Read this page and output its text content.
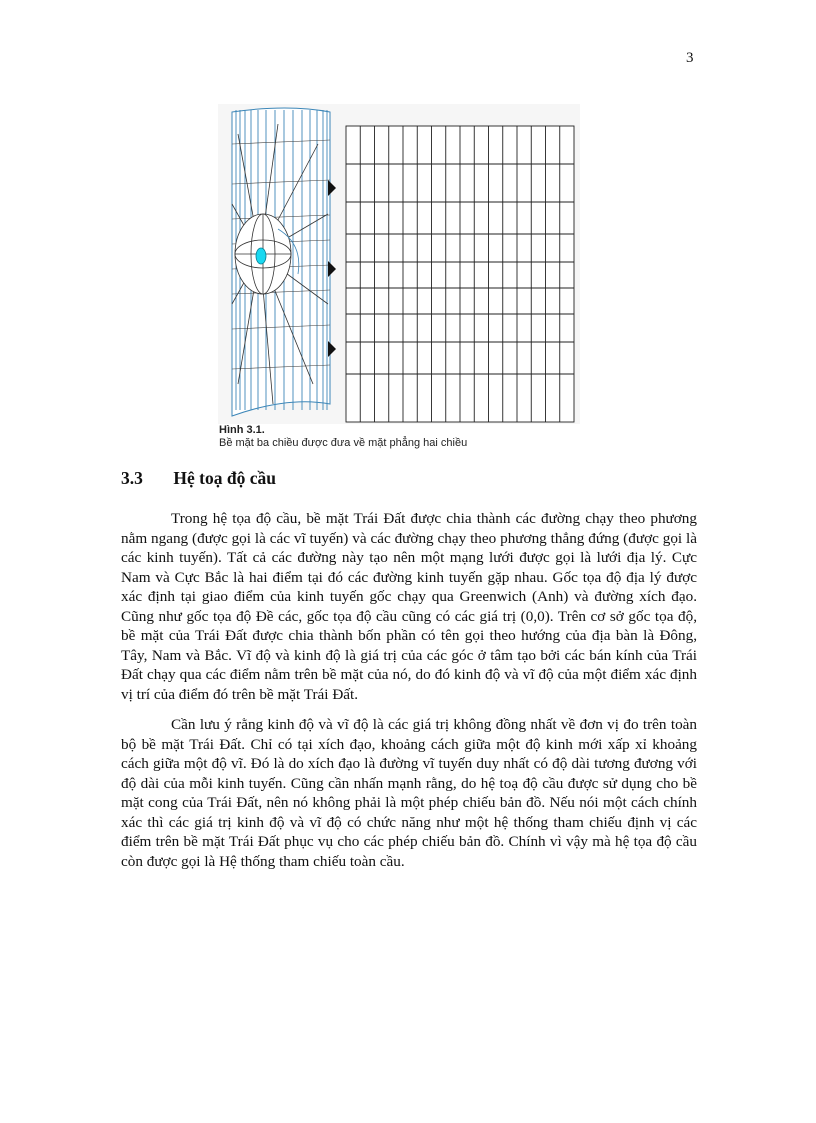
3
Hình 3.1.
Bề mặt ba chiều được đưa về mặt phẳng hai chiều
3.3 Hệ toạ độ cầu

Trong hệ tọa độ cầu, bề mặt Trái Đất được chia thành các đường chạy theo phương nằm ngang (được gọi là các vĩ tuyến) và các đường chạy theo phương thẳng đứng (được gọi là các kinh tuyến). Tất cả các đường này tạo nên một mạng lưới được gọi là lưới địa lý. Cực Nam và Cực Bắc là hai điểm tại đó các đường kinh tuyến gặp nhau. Gốc tọa độ địa lý được xác định tại giao điểm của kinh tuyến gốc chạy qua Greenwich (Anh) và đường xích đạo. Cũng như gốc tọa độ Đề các, gốc tọa độ cầu cũng có các giá trị (0,0). Trên cơ sở gốc tọa độ, bề mặt của Trái Đất được chia thành bốn phần có tên gọi theo hướng của địa bàn là Đông, Tây, Nam và Bắc. Vĩ độ và kinh độ là giá trị của các góc ở tâm tạo bởi các bán kính của Trái Đất chạy qua các điểm nằm trên bề mặt của nó, do đó kinh độ và vĩ độ của một điểm xác định vị trí của điểm đó trên bề mặt Trái Đất.

Cần lưu ý rằng kinh độ và vĩ độ là các giá trị không đồng nhất về đơn vị đo trên toàn bộ bề mặt Trái Đất. Chỉ có tại xích đạo, khoảng cách giữa một độ kinh mới xấp xỉ khoảng cách giữa một độ vĩ. Đó là do xích đạo là đường vĩ tuyến duy nhất có độ dài tương đương với độ dài của mỗi kinh tuyến. Cũng cần nhấn mạnh rằng, do hệ toạ độ cầu được sử dụng cho bề mặt cong của Trái Đất, nên nó không phải là một phép chiếu bản đồ. Nếu nói một cách chính xác thì các giá trị kinh độ và vĩ độ có chức năng như một hệ thống tham chiếu định vị các điểm trên bề mặt Trái Đất phục vụ cho các phép chiếu bản đồ. Chính vì vậy mà hệ tọa độ cầu còn được gọi là Hệ thống tham chiếu toàn cầu.
